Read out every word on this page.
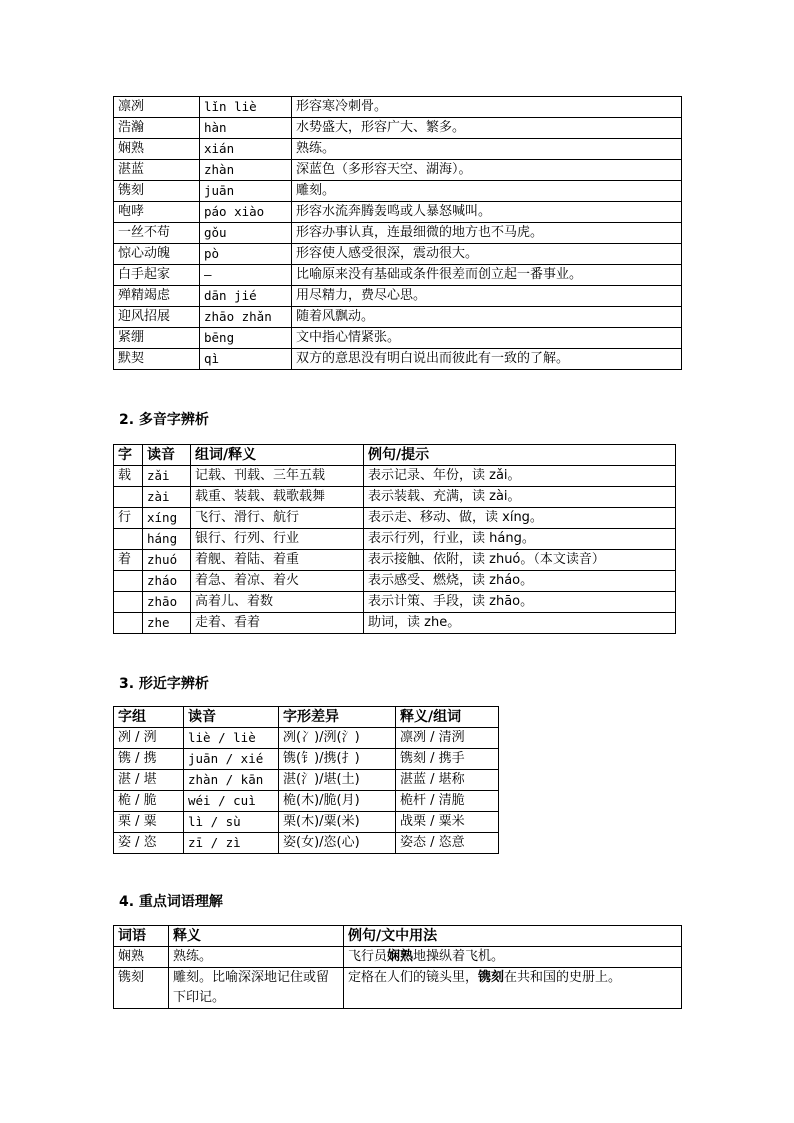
凛冽	lǐn liè	形容寒冷刺骨。
浩瀚	hàn	水势盛大，形容广大、繁多。
娴熟	xián	熟练。
湛蓝	zhàn	深蓝色（多形容天空、湖海）。
镌刻	juān	雕刻。
咆哮	páo xiào	形容水流奔腾轰鸣或人暴怒喊叫。
一丝不苟	gǒu	形容办事认真，连最细微的地方也不马虎。
惊心动魄	pò	形容使人感受很深，震动很大。
白手起家	—	比喻原来没有基础或条件很差而创立起一番事业。
殚精竭虑	dān jié	用尽精力，费尽心思。
迎风招展	zhāo zhǎn	随着风飘动。
紧绷	bēng	文中指心情紧张。
默契	qì	双方的意思没有明白说出而彼此有一致的了解。
2. 多音字辨析
字	读音	组词/释义	例句/提示
载	zǎi	记载、刊载、三年五载	表示记录、年份，读 zǎi。
	zài	载重、装载、载歌载舞	表示装载、充满，读 zài。
行	xíng	飞行、滑行、航行	表示走、移动、做，读 xíng。
	háng	银行、行列、行业	表示行列，行业，读 háng。
着	zhuó	着舰、着陆、着重	表示接触、依附，读 zhuó。（本文读音）
	zháo	着急、着凉、着火	表示感受、燃烧，读 zháo。
	zhāo	高着儿、着数	表示计策、手段，读 zhāo。
	zhe	走着、看着	助词，读 zhe。
3. 形近字辨析
字组	读音	字形差异	释义/组词
冽 / 洌	liè / liè	冽(冫)/洌(氵)	凛冽 / 清洌
镌 / 携	juān / xié	镌(钅)/携(扌)	镌刻 / 携手
湛 / 堪	zhàn / kān	湛(氵)/堪(土)	湛蓝 / 堪称
桅 / 脆	wéi / cuì	桅(木)/脆(月)	桅杆 / 清脆
栗 / 粟	lì / sù	栗(木)/粟(米)	战栗 / 粟米
姿 / 恣	zī / zì	姿(女)/恣(心)	姿态 / 恣意
4. 重点词语理解
词语	释义	例句/文中用法
娴熟	熟练。	飞行员娴熟地操纵着飞机。
镌刻	雕刻。比喻深深地记住或留下印记。	定格在人们的镜头里，镌刻在共和国的史册上。
